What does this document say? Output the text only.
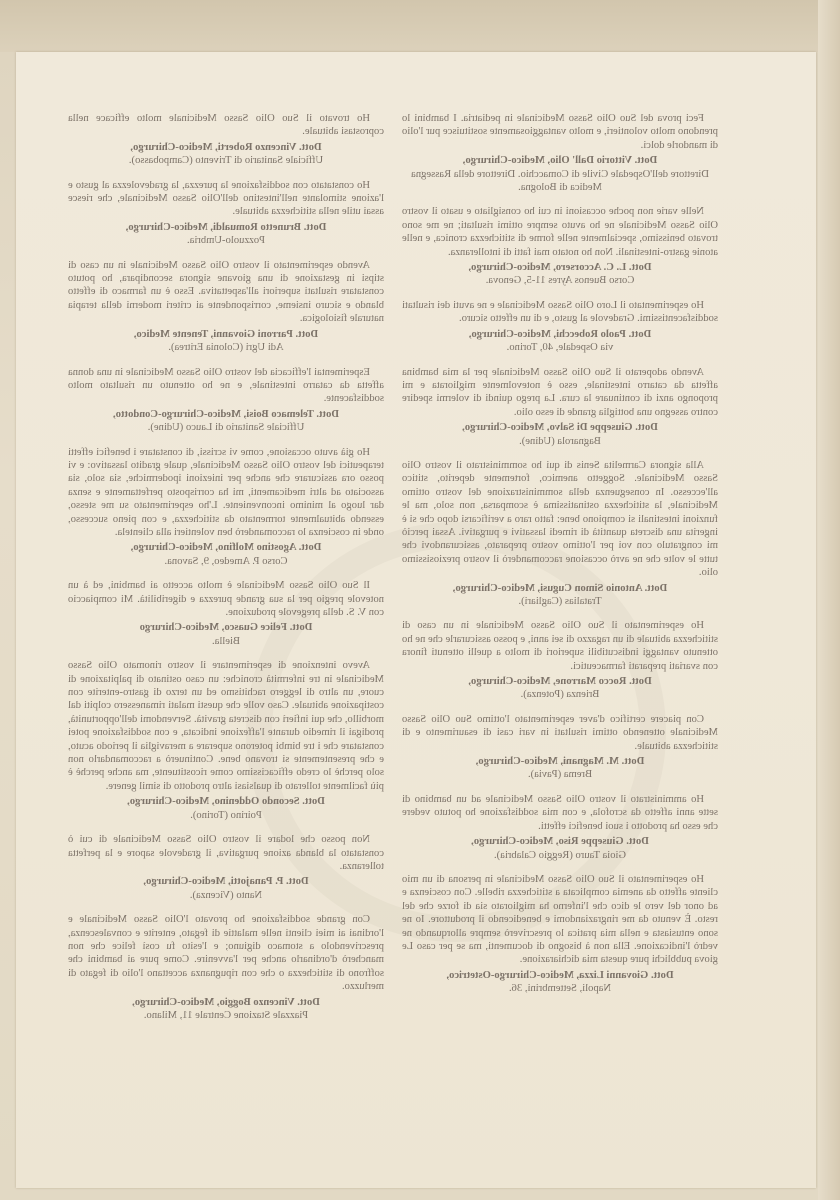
Feci prova del Suo Olio Sasso Medicinale in pediatria. I bambini lo prendono molto volontieri, e molto vantaggiosamente sostituisce pur l'olio di mandorle dolci.

Dott. Vittorio Dall' Olio, Medico-Chirurgo,
Direttore dell'Ospedale Civile di Comacchio. Direttore della Rassegna Medica di Bologna.

Nelle varie non poche occasioni in cui ho consigliato e usato il vostro Olio Sasso Medicinale ne ho avuto sempre ottimi risultati; ne me sono trovato benissimo, specialmente nelle forme di stitichezza cronica, e nelle atonie gastro-intestinali. Non ho notato mai fatti di intolleranza.

Dott. L. C. Accorsero, Medico-Chirurgo,
Corso Buenos Ayres 11-5, Genova.

Ho esperimentato il Loro Olio Sasso Medicinale e ne avuti dei risultati soddisfacentissimi. Gradevole al gusto, e di un effetto sicuro.

Dott. Paolo Robecchi, Medico-Chirurgo,
via Ospedale, 40, Torino.

Avendo adoperato il Suo Olio Sasso Medicinale per la mia bambina affetta da catarro intestinale, esso è notevolmente migliorata e mi propongo anzi di continuare la cura. La prego quindi di volermi spedire contro assegno una bottiglia grande di esso olio.

Dott. Giuseppe Di Salvo, Medico-Chirurgo,
Bagnarola (Udine).

Alla signora Carmelita Senis di qui ho somministrato il vostro Olio Sasso Medicinale. Soggetto anemico, fortemente deperito, stitico all'eccesso. In conseguenza della somministrazione del vostro ottimo Medicinale, la stitichezza ostinatissima è scomparsa, non solo, ma le funzioni intestinali si compiono bene: fatto raro a verificarsi dopo che si è ingerita una discreta quantità di rimedi lassativi e purgativi. Assai perciò mi congratulo con voi per l'ottimo vostro preparato, assicurandovi che tutte le volte che ne avrò occasione raccomanderò il vostro preziosissimo olio.

Dott. Antonio Simon Cugusi, Medico-Chirurgo,
Tratalias (Cagliari).

Ho esperimentato il Suo Olio Sasso Medicinale in un caso di stitichezza abituale di un ragazzo di sei anni, e posso assicurarle che ne ho ottenuto vantaggi indiscutibili superiori di molto a quelli ottenuti finora con svariati preparati farmaceutici.

Dott. Rocco Marrone, Medico-Chirurgo,
Brienza (Potenza).

Con piacere certifico d'aver esperimentato l'ottimo Suo Olio Sasso Medicinale ottenendo ottimi risultati in vari casi di esaurimento e di stitichezza abituale.

Dott. M. Magnani, Medico-Chirurgo,
Brema (Pavia).

Ho amministrato il vostro Olio Sasso Medicinale ad un bambino di sette anni affetto da scrofola, e con mia soddisfazione ho potuto vedere che esso ha prodotto i suoi benefici effetti.

Dott. Giuseppe Riso, Medico-Chirurgo,
Gioia Tauro (Reggio Calabria).

Ho esperimentato il Suo Olio Sasso Medicinale in persona di un mio cliente affetto da anemia complicata a stitichezza ribelle. Con coscienza e ad onor del vero le dico che l'inferno ha migliorato sia di forze che del resto. È venuto da me ringraziandomi e benedicendo il produttore. Io ne sono entusiasta e nella mia pratica lo prescriverò sempre allorquando ne vedrò l'indicazione. Ella non à bisogno di documenti, ma se per caso Le giova pubblichi pure questa mia dichiarazione.

Dott. Giovanni Lizza, Medico-Chirurgo-Ostetrico,
Napoli, Settembrini, 36.

Ho trovato il Suo Olio Sasso Medicinale molto efficace nella coprostasi abituale.

Dott. Vincenzo Roberti, Medico-Chirurgo,
Ufficiale Sanitario di Trivento (Campobasso).

Ho constatato con soddisfazione la purezza, la gradevolezza al gusto e l'azione stimolante nell'intestino dell'Olio Sasso Medicinale, che riesce assai utile nella stitichezza abituale.

Dott. Brunetto Romualdi, Medico-Chirurgo,
Pozzuolo-Umbria.

Avendo esperimentato il vostro Olio Sasso Medicinale in un caso di stipsi in gestazione di una giovane signora secondipara, ho potuto constatare risultati superiori all'aspettativa. Esso è un farmaco di effetto blando e sicuro insieme, corrispondente ai criteri moderni della terapia naturale fisiologica.

Dott. Parroni Giovanni, Tenente Medico,
Adi Ugri (Colonia Eritrea).

Esperimentai l'efficacia del vostro Olio Sasso Medicinale in una donna affetta da catarro intestinale, e ne ho ottenuto un risultato molto soddisfacente.

Dott. Telemaco Boisi, Medico-Chirurgo-Condotto,
Ufficiale Sanitario di Lauco (Udine).

Ho già avuto occasione, come vi scrissi, di constatare i benefici effetti terapeutici del vostro Olio Sasso Medicinale, quale gradito lassativo: e vi posso ora assicurare che anche per iniezioni ipodermiche, sia solo, sia associato ad altri medicamenti, mi ha corrisposto perfettamente e senza dar luogo al minimo inconveniente. L'ho esperimentato su me stesso, essendo abitualmente tormentato da stitichezza, e con pieno successo, onde in coscienza lo raccomanderò ben volentieri alla clientela.

Dott. Agostino Molfino, Medico-Chirurgo,
Corso P. Amedeo, 9, Savona.

Il Suo Olio Sasso Medicinale è molto accetto ai bambini, ed à un notevole pregio per la sua grande purezza e digeribilità. Mi compiaccio con V. S. della pregevole produzione.

Dott. Felice Guasco, Medico-Chirurgo
Biella.

Avevo intenzione di esperimentare il vostro rinomato Olio Sasso Medicinale in tre infermità croniche: un caso ostinato di palpitazione di cuore, un altro di leggero rachitismo ed un terzo di gastro-enterite con costipazione abituale. Caso volle che questi malati rimanessero colpiti dal morbillo, che qui infierì con discreta gravità. Servendomi dell'opportunità, prodigai il rimedio durante l'affezione indicata, e con soddisfazione potei constatare che i tre bimbi poterono superare a meraviglia il periodo acuto, e che presentemente si trovano bene. Continuerò a raccomandarlo non solo perchè lo credo efficacissimo come ricostituente, ma anche perchè è più facilmente tollerato di qualsiasi altro prodotto di simil genere.

Dott. Secondo Oddenino, Medico-Chirurgo,
Poirino (Torino).

Non posso che lodare il vostro Olio Sasso Medicinale di cui ò constatato la blanda azione purgativa, il gradevole sapore e la perfetta tolleranza.

Dott. P. Panajotti, Medico-Chirurgo,
Nanto (Vicenza).

Con grande soddisfazione ho provato l'Olio Sasso Medicinale e l'ordinai ai miei clienti nelle malattie di fegato, enterite e convalescenza, prescrivendolo a stomaco digiuno; e l'esito fu così felice che non mancherò d'ordinarlo anche per l'avvenire. Come pure ai bambini che soffrono di stitichezza o che con ripugnanza accettano l'olio di fegato di merluzzo.

Dott. Vincenzo Boggio, Medico-Chirurgo,
Piazzale Stazione Centrale 11, Milano.
